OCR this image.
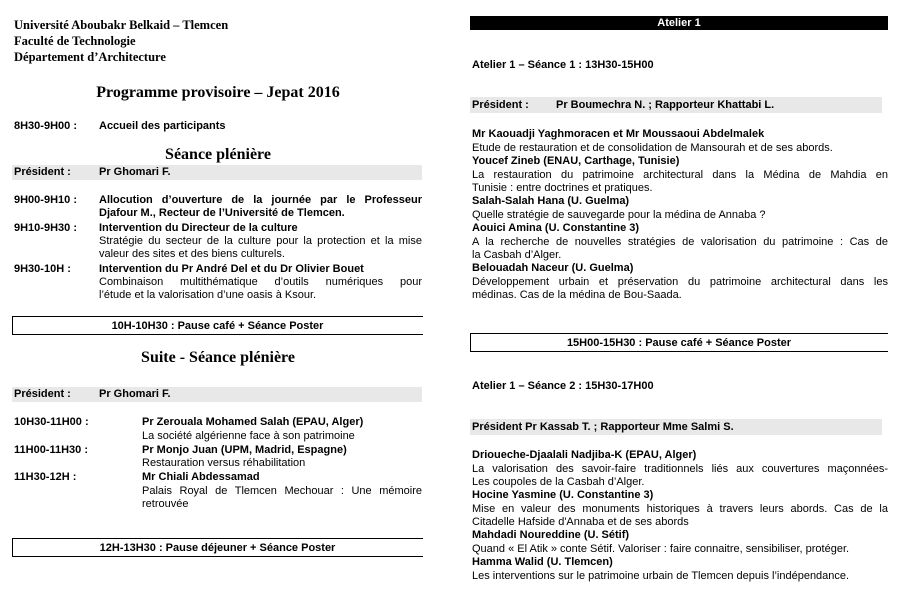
Université Aboubakr Belkaid – Tlemcen
Faculté de Technologie
Département d’Architecture
Programme provisoire – Jepat 2016
8H30-9H00 : Accueil des participants
Séance plénière
Président :	Pr Ghomari F.
9H00-9H10 : Allocution d’ouverture de la journée par le Professeur
Djafour M., Recteur de l’Université de Tlemcen.
9H10-9H30 : Intervention du Directeur de la culture
Stratégie du secteur de la culture pour la protection et la mise
valeur des sites et des biens culturels.
9H30-10H :	Intervention du Pr André Del et du Dr Olivier Bouet
Combinaison multithématique d’outils numériques pour
l’étude et la valorisation d’une oasis à Ksour.
10H-10H30 : Pause café + Séance Poster
Suite - Séance plénière
Président :	Pr Ghomari F.
10H30-11H00 :	Pr Zerouala Mohamed Salah (EPAU, Alger)
La société algérienne face à son patrimoine
11H00-11H30 :	Pr Monjo Juan (UPM, Madrid, Espagne)
Restauration versus réhabilitation
11H30-12H :	Mr Chiali Abdessamad
Palais Royal de Tlemcen Mechouar : Une mémoire
retrouvée
12H-13H30 : Pause déjeuner + Séance Poster
Atelier 1
Atelier 1 – Séance 1 : 13H30-15H00
Président : Pr Boumechra N. ; Rapporteur Khattabi L.
Mr Kaouadji Yaghmoracen et Mr Moussaoui Abdelmalek
Etude de restauration et de consolidation de Mansourah et de ses abords.
Youcef Zineb (ENAU, Carthage, Tunisie)
La restauration du patrimoine architectural dans la Médina de Mahdia en
Tunisie : entre doctrines et pratiques.
Salah-Salah Hana (U. Guelma)
Quelle stratégie de sauvegarde pour la médina de Annaba ?
Aouici Amina (U. Constantine 3)
A la recherche de nouvelles stratégies de valorisation du patrimoine : Cas de
la Casbah d’Alger.
Belouadah Naceur (U. Guelma)
Développement urbain et préservation du patrimoine architectural dans les
médinas. Cas de la médina de Bou-Saada.
15H00-15H30 : Pause café + Séance Poster
Atelier 1 – Séance 2 : 15H30-17H00
Président Pr Kassab T. ; Rapporteur Mme Salmi S.
Drioueche-Djaalali Nadjiba-K (EPAU, Alger)
La valorisation des savoir-faire traditionnels liés aux couvertures maçonnées-
Les coupoles de la Casbah d’Alger.
Hocine Yasmine (U. Constantine 3)
Mise en valeur des monuments historiques à travers leurs abords. Cas de la
Citadelle Hafside d'Annaba et de ses abords
Mahdadi Noureddine (U. Sétif)
Quand « El Atik » conte Sétif. Valoriser : faire connaitre, sensibiliser, protéger.
Hamma Walid (U. Tlemcen)
Les interventions sur le patrimoine urbain de Tlemcen depuis l’indépendance.
